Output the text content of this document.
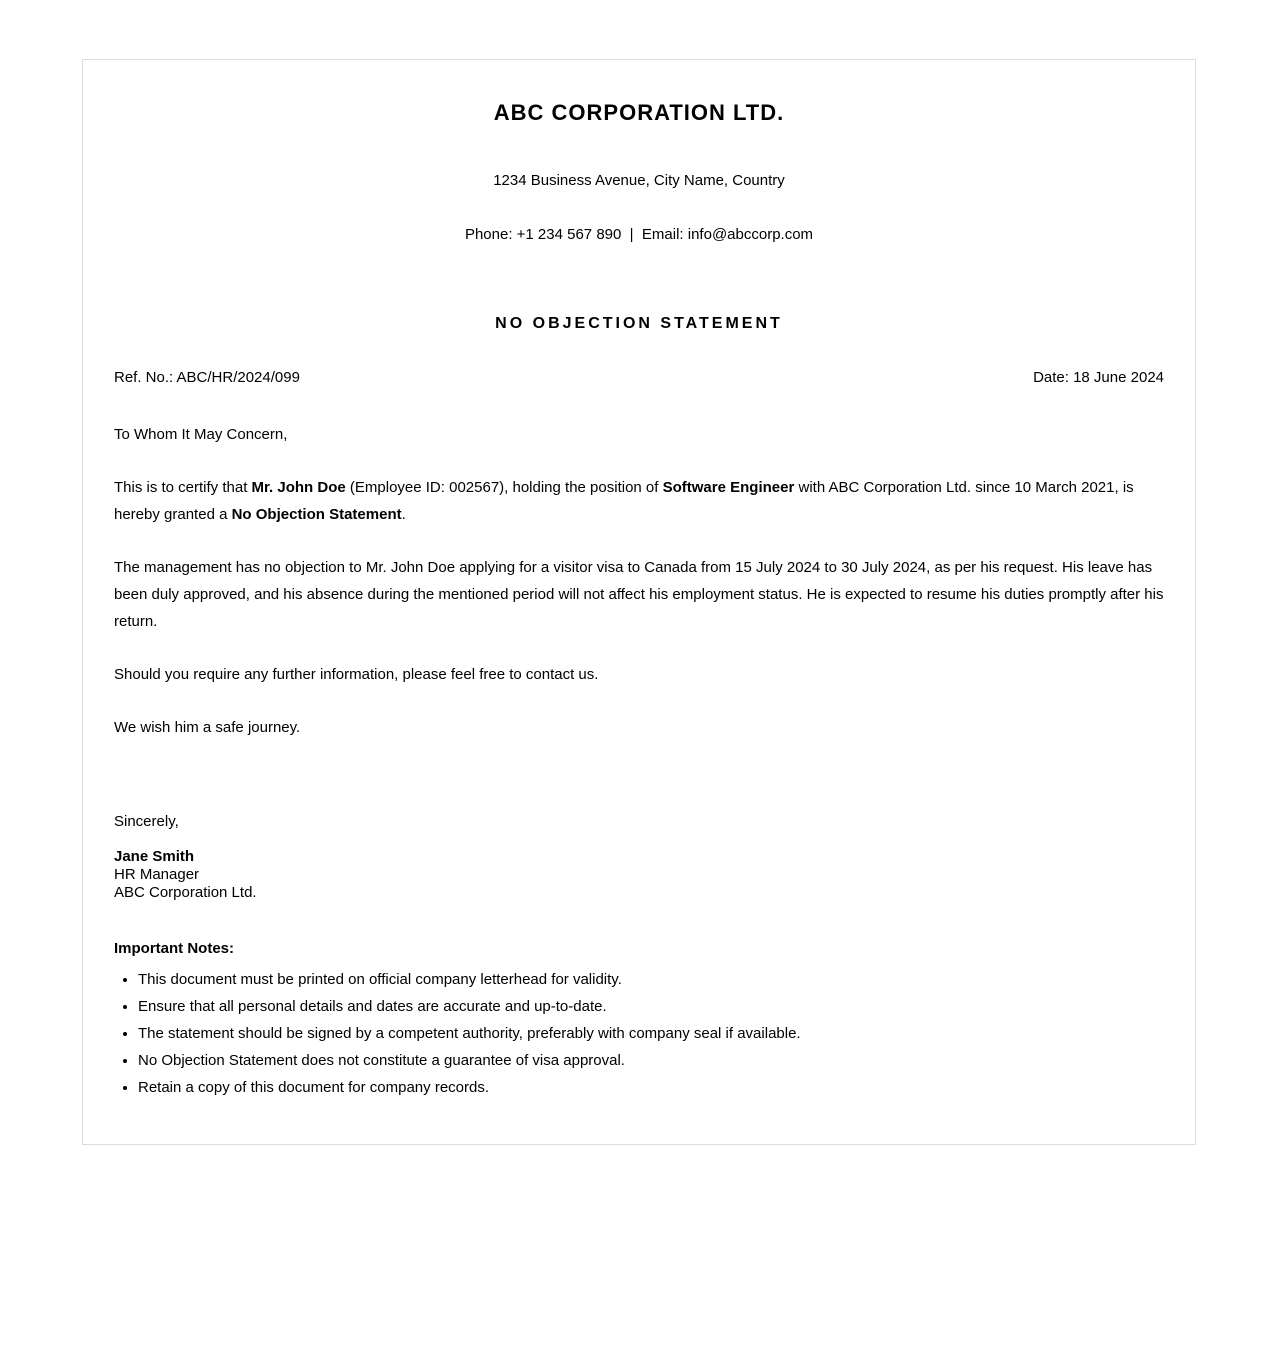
ABC CORPORATION LTD.

1234 Business Avenue, City Name, Country

Phone: +1 234 567 890  |  Email: info@abccorp.com

NO OBJECTION STATEMENT
Ref. No.: ABC/HR/2024/099	Date: 18 June 2024

To Whom It May Concern,

This is to certify that Mr. John Doe (Employee ID: 002567), holding the position of Software Engineer with ABC Corporation Ltd. since 10 March 2021, is hereby granted a No Objection Statement.

The management has no objection to Mr. John Doe applying for a visitor visa to Canada from 15 July 2024 to 30 July 2024, as per his request. His leave has been duly approved, and his absence during the mentioned period will not affect his employment status. He is expected to resume his duties promptly after his return.

Should you require any further information, please feel free to contact us.

We wish him a safe journey.

Sincerely,

Jane Smith
HR Manager
ABC Corporation Ltd.
Important Notes:
• This document must be printed on official company letterhead for validity.
• Ensure that all personal details and dates are accurate and up-to-date.
• The statement should be signed by a competent authority, preferably with company seal if available.
• No Objection Statement does not constitute a guarantee of visa approval.
• Retain a copy of this document for company records.
